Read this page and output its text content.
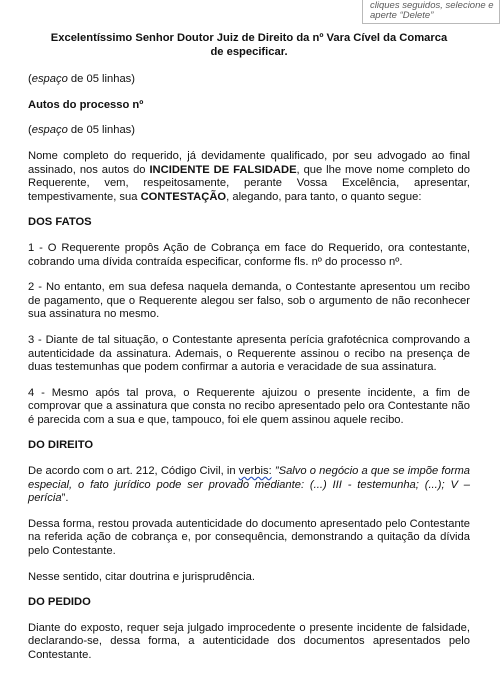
cliques seguidos, selecione e
aperte “Delete”
Excelentíssimo Senhor Doutor Juiz de Direito da nº Vara Cível da Comarca
de especificar.

(espaço de 05 linhas)

Autos do processo nº

(espaço de 05 linhas)

Nome completo do requerido, já devidamente qualificado, por seu advogado ao final assinado, nos autos do INCIDENTE DE FALSIDADE, que lhe move nome completo do Requerente, vem, respeitosamente, perante Vossa Excelência, apresentar, tempestivamente, sua CONTESTAÇÃO, alegando, para tanto, o quanto segue:

DOS FATOS

1 - O Requerente propôs Ação de Cobrança em face do Requerido, ora contestante, cobrando uma dívida contraída especificar, conforme fls. nº do processo nº.

2 - No entanto, em sua defesa naquela demanda, o Contestante apresentou um recibo de pagamento, que o Requerente alegou ser falso, sob o argumento de não reconhecer sua assinatura no mesmo.

3 - Diante de tal situação, o Contestante apresenta perícia grafotécnica comprovando a autenticidade da assinatura. Ademais, o Requerente assinou o recibo na presença de duas testemunhas que podem confirmar a autoria e veracidade de sua assinatura.

4 - Mesmo após tal prova, o Requerente ajuizou o presente incidente, a fim de comprovar que a assinatura que consta no recibo apresentado pelo ora Contestante não é parecida com a sua e que, tampouco, foi ele quem assinou aquele recibo.

DO DIREITO

De acordo com o art. 212, Código Civil, in verbis: ”Salvo o negócio a que se impõe forma especial, o fato jurídico pode ser provado mediante: (...) III - testemunha; (...); V – perícia”.

Dessa forma, restou provada autenticidade do documento apresentado pelo Contestante na referida ação de cobrança e, por consequência, demonstrando a quitação da dívida pelo Contestante.

Nesse sentido, citar doutrina e jurisprudência.

DO PEDIDO

Diante do exposto, requer seja julgado improcedente o presente incidente de falsidade, declarando-se, dessa forma, a autenticidade dos documentos apresentados pelo Contestante.
